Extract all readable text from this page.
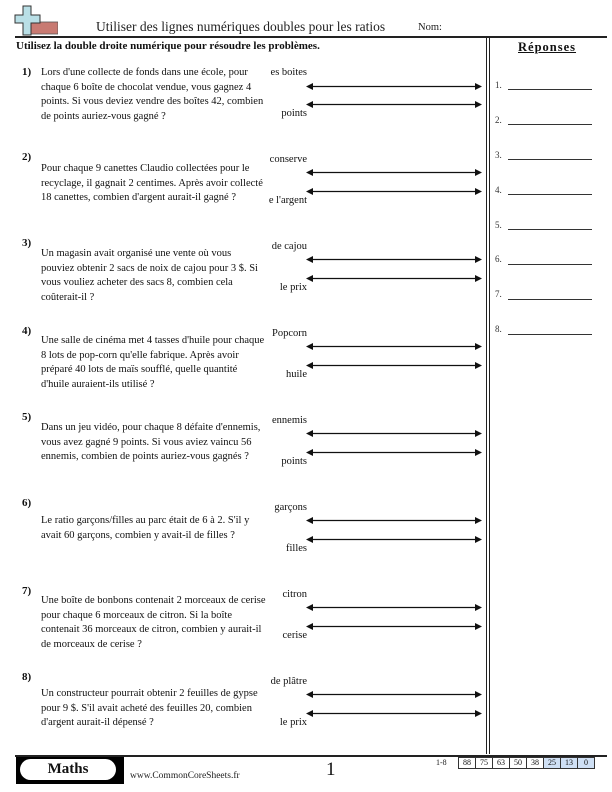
Utiliser des lignes numériques doubles pour les ratios	Nom:
Utilisez la double droite numérique pour résoudre les problèmes.	Réponses
1.
2.
3.
4.
5.
6.
7.
8.
1) Lors d'une collecte de fonds dans une école, pour chaque 6 boîte de chocolat vendue, vous gagnez 4 points. Si vous deviez vendre des boîtes 42, combien de points auriez-vous gagné ?
es boites
points
2)
Pour chaque 9 canettes Claudio collectées pour le recyclage, il gagnait 2 centimes. Après avoir collecté 18 canettes, combien d'argent aurait-il gagné ?
conserve
e l'argent
3)
Un magasin avait organisé une vente où vous pouviez obtenir 2 sacs de noix de cajou pour 3 $. Si vous vouliez acheter des sacs 8, combien cela coûterait-il ?
de cajou
le prix
4)
Une salle de cinéma met 4 tasses d'huile pour chaque 8 lots de pop-corn qu'elle fabrique. Après avoir préparé 40 lots de maïs soufflé, quelle quantité d'huile auraient-ils utilisé ?
Popcorn
huile
5)
Dans un jeu vidéo, pour chaque 8 défaite d'ennemis, vous avez gagné 9 points. Si vous aviez vaincu 56 ennemis, combien de points auriez-vous gagnés ?
ennemis
points
6)
Le ratio garçons/filles au parc était de 6 à 2. S'il y avait 60 garçons, combien y avait-il de filles ?
garçons
filles
7)
Une boîte de bonbons contenait 2 morceaux de cerise pour chaque 6 morceaux de citron. Si la boîte contenait 36 morceaux de citron, combien y aurait-il de morceaux de cerise ?
citron
cerise
8)
Un constructeur pourrait obtenir 2 feuilles de gypse pour 9 $. S'il avait acheté des feuilles 20, combien d'argent aurait-il dépensé ?
de plâtre
le prix
Maths	www.CommonCoreSheets.fr	1	1-8	88	75	63	50	38	25	13	0
